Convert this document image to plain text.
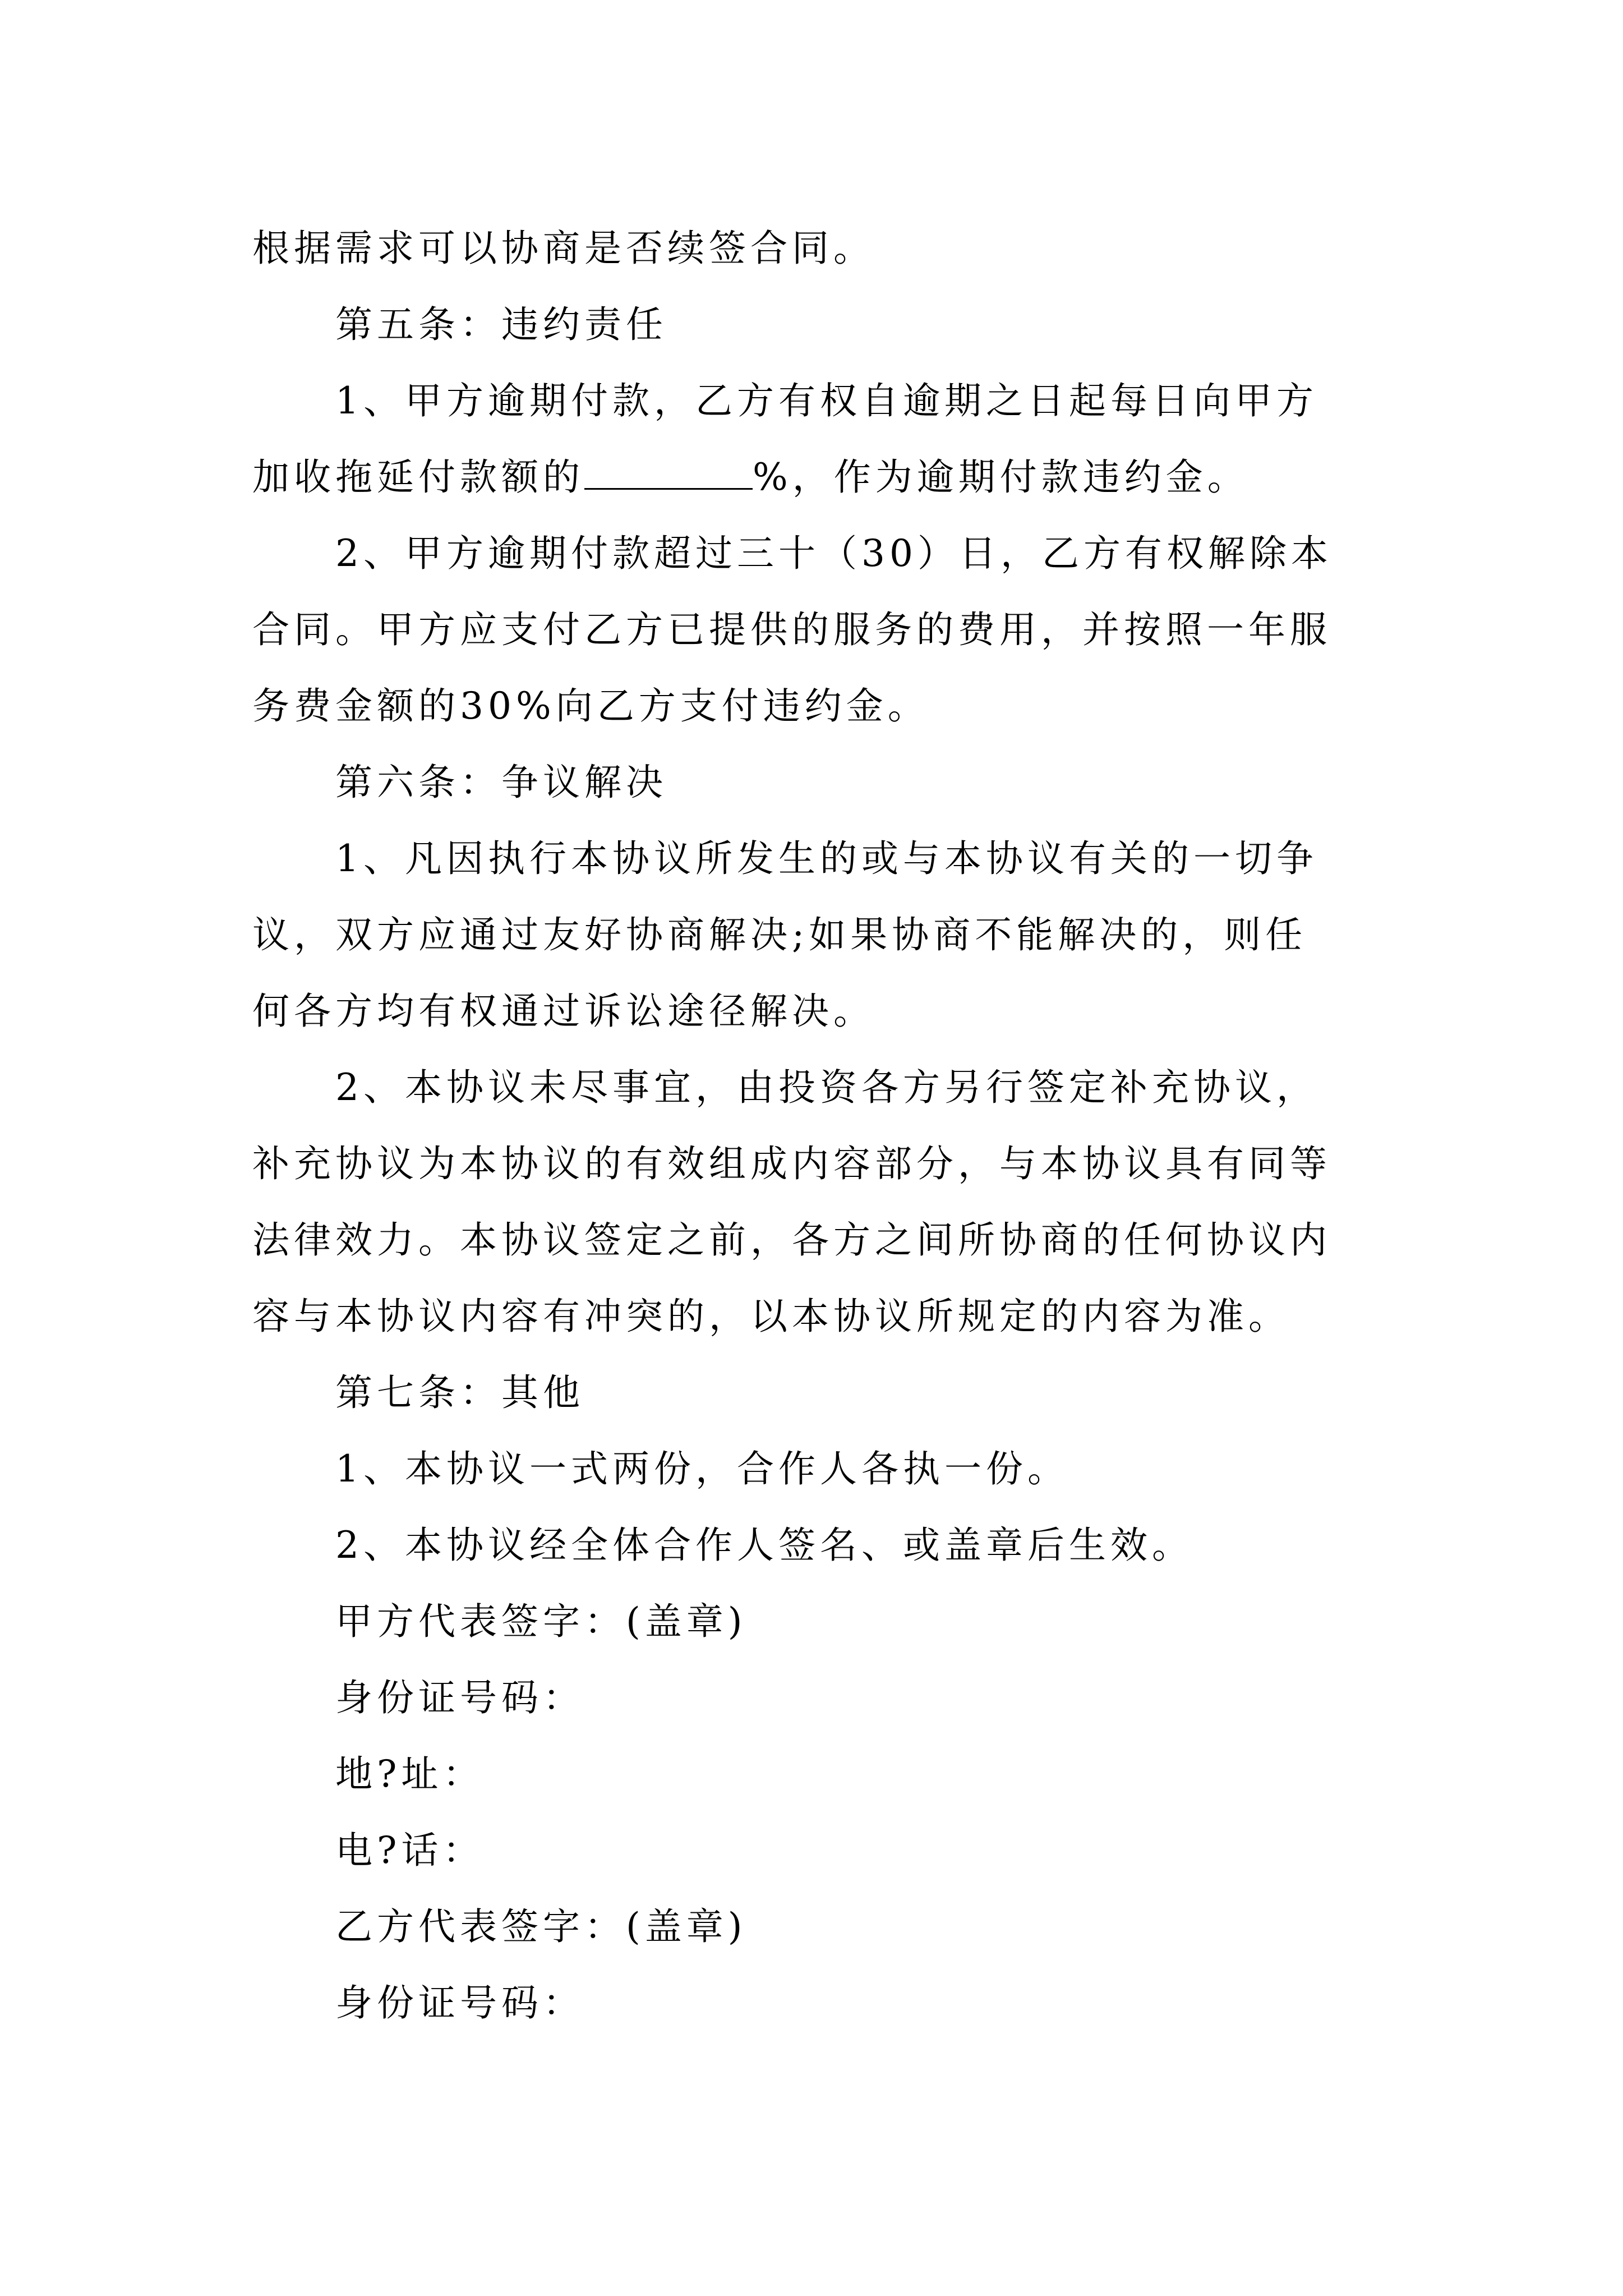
根据需求可以协商是否续签合同。
第五条：违约责任
1、甲方逾期付款，乙方有权自逾期之日起每日向甲方
加收拖延付款额的	%，作为逾期付款违约金。
2、甲方逾期付款超过三十（30）日，乙方有权解除本
合同。甲方应支付乙方已提供的服务的费用，并按照一年服
务费金额的30%向乙方支付违约金。
第六条：争议解决
1、凡因执行本协议所发生的或与本协议有关的一切争
议，双方应通过友好协商解决;如果协商不能解决的，则任
何各方均有权通过诉讼途径解决。
2、本协议未尽事宜，由投资各方另行签定补充协议，
补充协议为本协议的有效组成内容部分，与本协议具有同等
法律效力。本协议签定之前，各方之间所协商的任何协议内
容与本协议内容有冲突的，以本协议所规定的内容为准。
第七条：其他
1、本协议一式两份，合作人各执一份。
2、本协议经全体合作人签名、或盖章后生效。
甲方代表签字：(盖章)
身份证号码：
地?址：
电?话：
乙方代表签字：(盖章)
身份证号码：
